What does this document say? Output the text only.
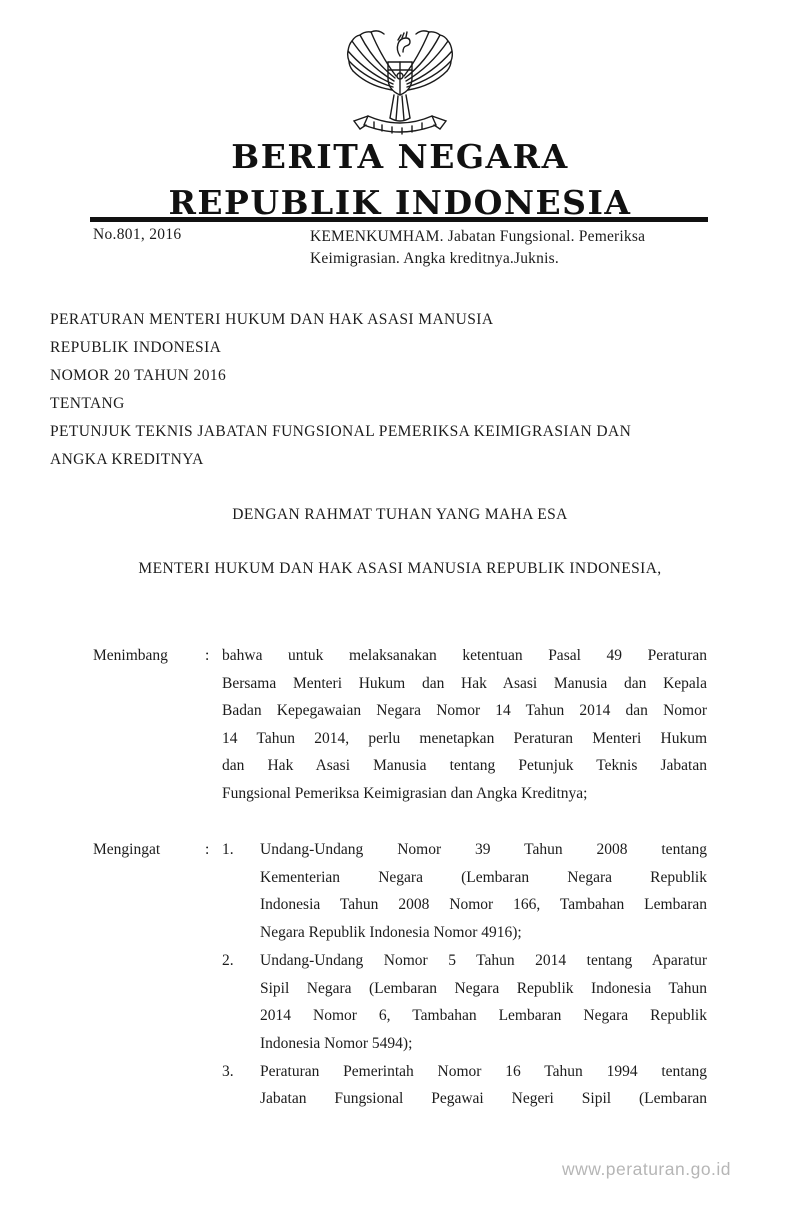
BERITA NEGARA
REPUBLIK INDONESIA
No.801, 2016	KEMENKUMHAM. Jabatan Fungsional. Pemeriksa
Keimigrasian. Angka kreditnya.Juknis.
PERATURAN MENTERI HUKUM DAN HAK ASASI MANUSIA
REPUBLIK INDONESIA
NOMOR 20 TAHUN 2016
TENTANG
PETUNJUK TEKNIS JABATAN FUNGSIONAL PEMERIKSA KEIMIGRASIAN DAN
ANGKA KREDITNYA
DENGAN RAHMAT TUHAN YANG MAHA ESA
MENTERI HUKUM DAN HAK ASASI MANUSIA REPUBLIK INDONESIA,
Menimbang : bahwa untuk melaksanakan ketentuan Pasal 49 Peraturan
Bersama Menteri Hukum dan Hak Asasi Manusia dan Kepala
Badan Kepegawaian Negara Nomor 14 Tahun 2014 dan Nomor
14 Tahun 2014, perlu menetapkan Peraturan Menteri Hukum
dan Hak Asasi Manusia tentang Petunjuk Teknis Jabatan
Fungsional Pemeriksa Keimigrasian dan Angka Kreditnya;
Mengingat	: 1. Undang-Undang Nomor 39 Tahun 2008 tentang
Kementerian Negara (Lembaran Negara Republik
Indonesia Tahun 2008 Nomor 166, Tambahan Lembaran
Negara Republik Indonesia Nomor 4916);
2. Undang-Undang Nomor 5 Tahun 2014 tentang Aparatur
Sipil Negara (Lembaran Negara Republik Indonesia Tahun
2014 Nomor 6, Tambahan Lembaran Negara Republik
Indonesia Nomor 5494);
3. Peraturan Pemerintah Nomor 16 Tahun 1994 tentang
Jabatan Fungsional Pegawai Negeri Sipil (Lembaran
www.peraturan.go.id
